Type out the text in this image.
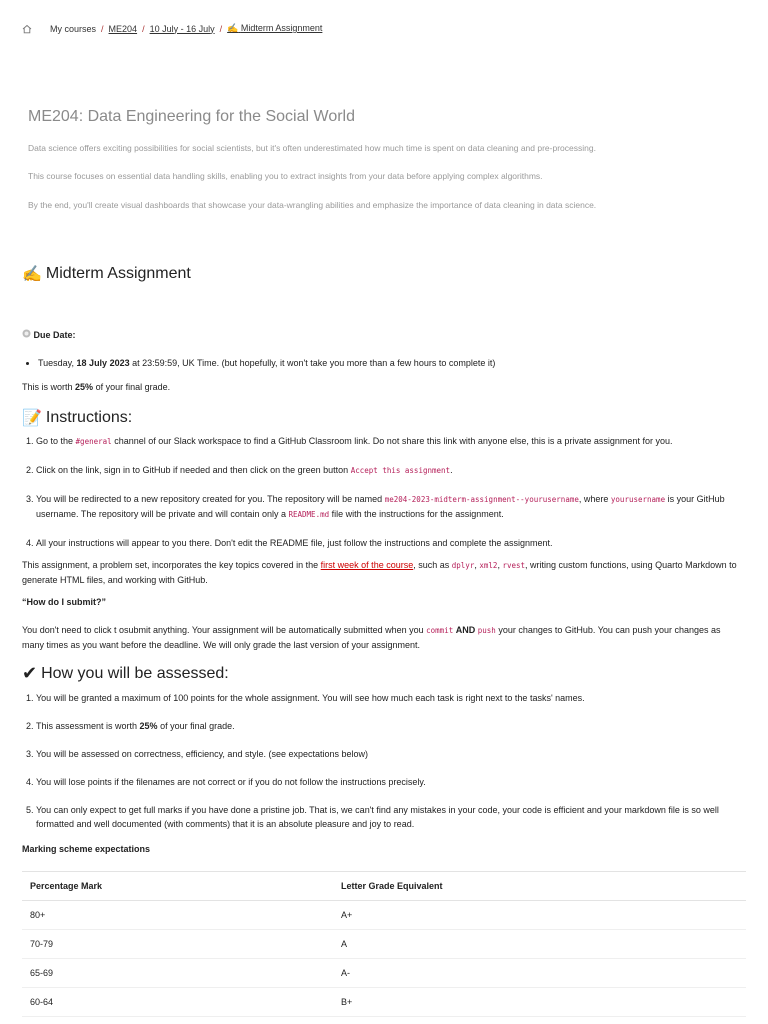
My courses / ME204 / 10 July - 16 July / ✍️ Midterm Assignment
ME204: Data Engineering for the Social World

Data science offers exciting possibilities for social scientists, but it's often underestimated how much time is spent on data cleaning and pre-processing.

This course focuses on essential data handling skills, enabling you to extract insights from your data before applying complex algorithms.

By the end, you'll create visual dashboards that showcase your data-wrangling abilities and emphasize the importance of data cleaning in data science.

✍️ Midterm Assignment

Due Date:

• Tuesday, 18 July 2023 at 23:59:59, UK Time. (but hopefully, it won't take you more than a few hours to complete it)

This is worth 25% of your final grade.

📝 Instructions:
1. Go to the #general channel of our Slack workspace to find a GitHub Classroom link. Do not share this link with anyone else, this is a private assignment for you.
2. Click on the link, sign in to GitHub if needed and then click on the green button Accept this assignment.
3. You will be redirected to a new repository created for you. The repository will be named me204-2023-midterm-assignment--yourusername, where yourusername is your GitHub username. The repository will be private and will contain only a README.md file with the instructions for the assignment.
4. All your instructions will appear to you there. Don't edit the README file, just follow the instructions and complete the assignment.

This assignment, a problem set, incorporates the key topics covered in the first week of the course, such as dplyr, xml2, rvest, writing custom functions, using Quarto Markdown to generate HTML files, and working with GitHub.

“How do I submit?”

You don't need to click t osubmit anything. Your assignment will be automatically submitted when you commit AND push your changes to GitHub. You can push your changes as many times as you want before the deadline. We will only grade the last version of your assignment.

✔ How you will be assessed:
1. You will be granted a maximum of 100 points for the whole assignment. You will see how much each task is right next to the tasks' names.
2. This assessment is worth 25% of your final grade.
3. You will be assessed on correctness, efficiency, and style. (see expectations below)
4. You will lose points if the filenames are not correct or if you do not follow the instructions precisely.
5. You can only expect to get full marks if you have done a pristine job. That is, we can't find any mistakes in your code, your code is efficient and your markdown file is so well formatted and well documented (with comments) that it is an absolute pleasure and joy to read.

Marking scheme expectations

Percentage Mark	Letter Grade Equivalent
80+	A+
70-79	A
65-69	A-
60-64	B+
